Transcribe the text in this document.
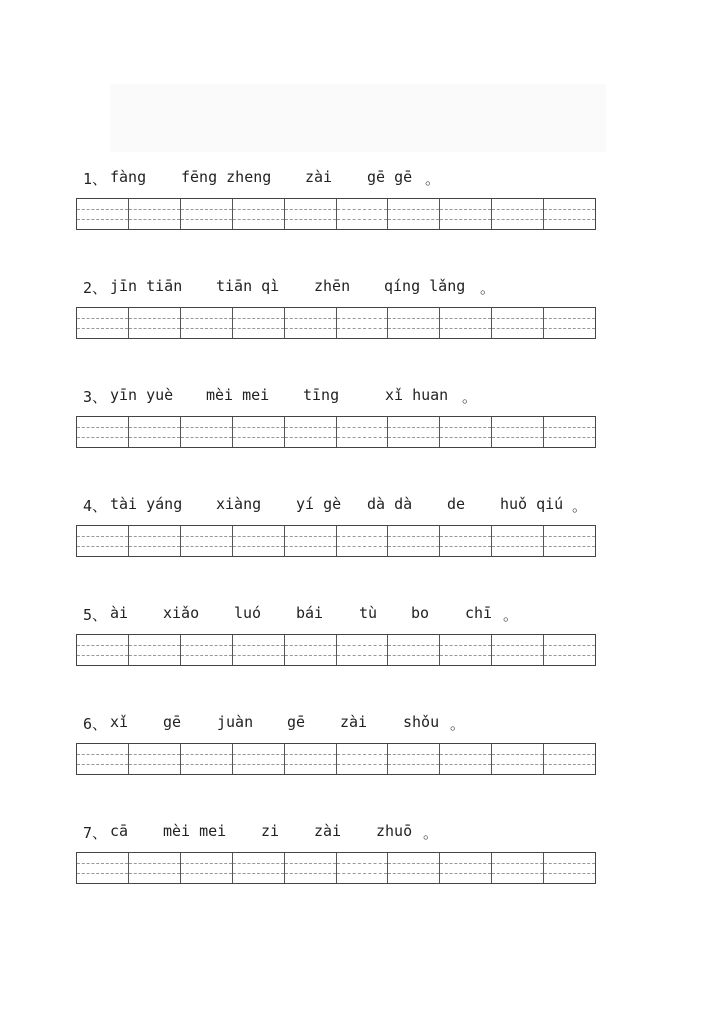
1、 fàng fēng zheng zài gē gē 。
2、 jīn tiān tiān qì zhēn qíng lǎng 。
3、 yīn yuè mèi mei tīng	xǐ huan 。
4、 tài yáng xiàng yí gè dà dà de huǒ qiú 。
5、 ài xiǎo luó bái tù bo chī 。
6、 xǐ gē juàn gē zài shǒu 。
7、 cā mèi mei zi zài zhuō 。
